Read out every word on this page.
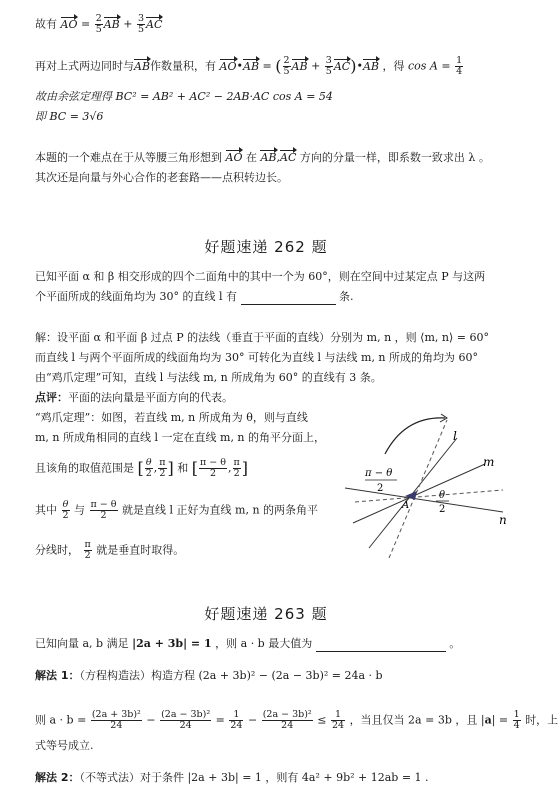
故有 AO = $\frac{2}{5}$ AB + $\frac{3}{5}$ AC
再对上式两边同时与AB作数量积，有 AO•AB = ( $\frac{2}{5}$ AB + $\frac{3}{5}$ AC)•AB ，得 $\cos A = \frac{1}{4}$
故由余弦定理得 BC² = AB² + AC² − 2AB·AC cos A = 54
即 BC = 3√6
本题的一个难点在于从等腰三角形想到 AO 在 AB,AC 方向的分量一样，即系数一致求出 λ 。
其次还是向量与外心合作的老套路——点积转边长。
好题速递 262 题
已知平面 α 和 β 相交形成的四个二面角中的其中一个为 60°，则在空间中过某定点 P 与这两
个平面所成的线面角均为 30° 的直线 l 有	条.
解：设平面 α 和平面 β 过点 P 的法线（垂直于平面的直线）分别为 m, n ，则 ⟨m, n⟩ = 60°
而直线 l 与两个平面所成的线面角均为 30° 可转化为直线 l 与法线 m, n 所成的角均为 60°
由“鸡爪定理”可知，直线 l 与法线 m, n 所成角为 60° 的直线有 3 条。
点评：平面的法向量是平面方向的代表。
“鸡爪定理”：如图，若直线 m, n 所成角为 θ，则与直线
m, n 所成角相同的直线 l 一定在直线 m, n 的角平分面上，
且该角的取值范围是 [ $\frac{\theta}{2}$ , $\frac{\pi}{2}$ ] 和 [ $\frac{\pi - \theta}{2}$ , $\frac{\pi}{2}$ ]
其中 $\frac{\theta}{2}$ 与 $\frac{\pi - \theta}{2}$ 就是直线 l 正好为直线 m, n 的两条角平
分线时， $\frac{\pi}{2}$ 就是垂直时取得。
A
l
m
n
π − θ
2
θ
2
好题速递 263 题
已知向量 a, b 满足 |2a + 3b| = 1 ，则 a · b 最大值为	。
解法 1：（方程构造法）构造方程 (2a + 3b)² − (2a − 3b)² = 24a · b
则 $a \cdot b = \frac{\text{(2a + 3b)²}}{24} - \frac{\text{(2a − 3b)²}}{24} = \frac{1}{24} - \frac{\text{(2a − 3b)²}}{24} \le \frac{1}{24}$ ，当且仅当 2a = 3b ，且 $|a| = \frac{1}{4}$ 时，上
式等号成立.
解法 2：（不等式法）对于条件 |2a + 3b| = 1 ，则有 4a² + 9b² + 12ab = 1 .
